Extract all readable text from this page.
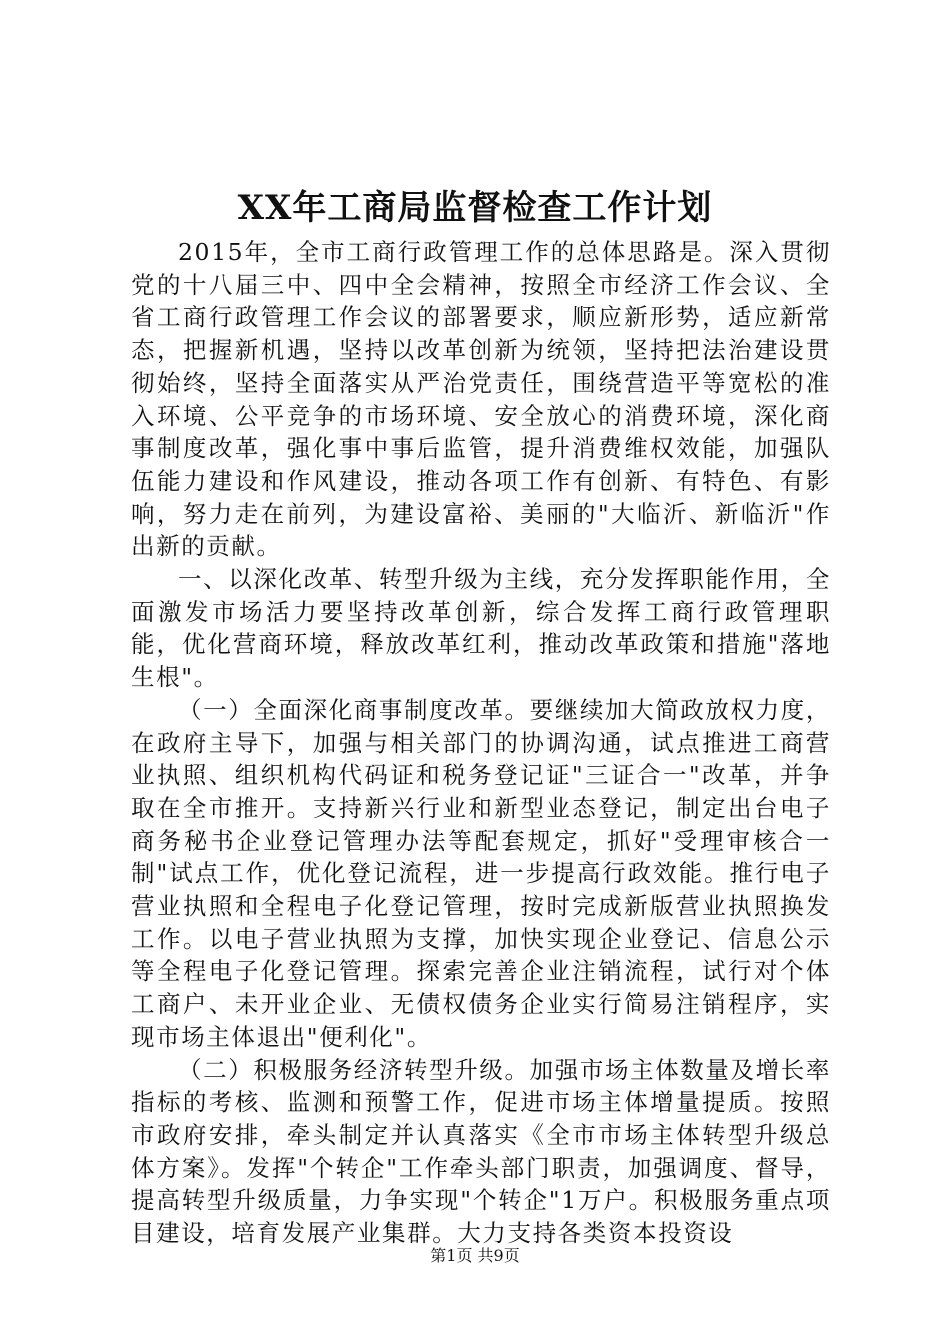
XX年工商局监督检查工作计划

2015年，全市工商行政管理工作的总体思路是。深入贯彻党的十八届三中、四中全会精神，按照全市经济工作会议、全省工商行政管理工作会议的部署要求，顺应新形势，适应新常态，把握新机遇，坚持以改革创新为统领，坚持把法治建设贯彻始终，坚持全面落实从严治党责任，围绕营造平等宽松的准入环境、公平竞争的市场环境、安全放心的消费环境，深化商事制度改革，强化事中事后监管，提升消费维权效能，加强队伍能力建设和作风建设，推动各项工作有创新、有特色、有影响，努力走在前列，为建设富裕、美丽的"大临沂、新临沂"作出新的贡献。

一、以深化改革、转型升级为主线，充分发挥职能作用，全面激发市场活力要坚持改革创新，综合发挥工商行政管理职能，优化营商环境，释放改革红利，推动改革政策和措施"落地生根"。

（一）全面深化商事制度改革。要继续加大简政放权力度，在政府主导下，加强与相关部门的协调沟通，试点推进工商营业执照、组织机构代码证和税务登记证"三证合一"改革，并争取在全市推开。支持新兴行业和新型业态登记，制定出台电子商务秘书企业登记管理办法等配套规定，抓好"受理审核合一制"试点工作，优化登记流程，进一步提高行政效能。推行电子营业执照和全程电子化登记管理，按时完成新版营业执照换发工作。以电子营业执照为支撑，加快实现企业登记、信息公示等全程电子化登记管理。探索完善企业注销流程，试行对个体工商户、未开业企业、无债权债务企业实行简易注销程序，实现市场主体退出"便利化"。

（二）积极服务经济转型升级。加强市场主体数量及增长率指标的考核、监测和预警工作，促进市场主体增量提质。按照市政府安排，牵头制定并认真落实《全市市场主体转型升级总体方案》。发挥"个转企"工作牵头部门职责，加强调度、督导，提高转型升级质量，力争实现"个转企"1万户。积极服务重点项目建设，培育发展产业集群。大力支持各类资本投资设

第1页 共9页
